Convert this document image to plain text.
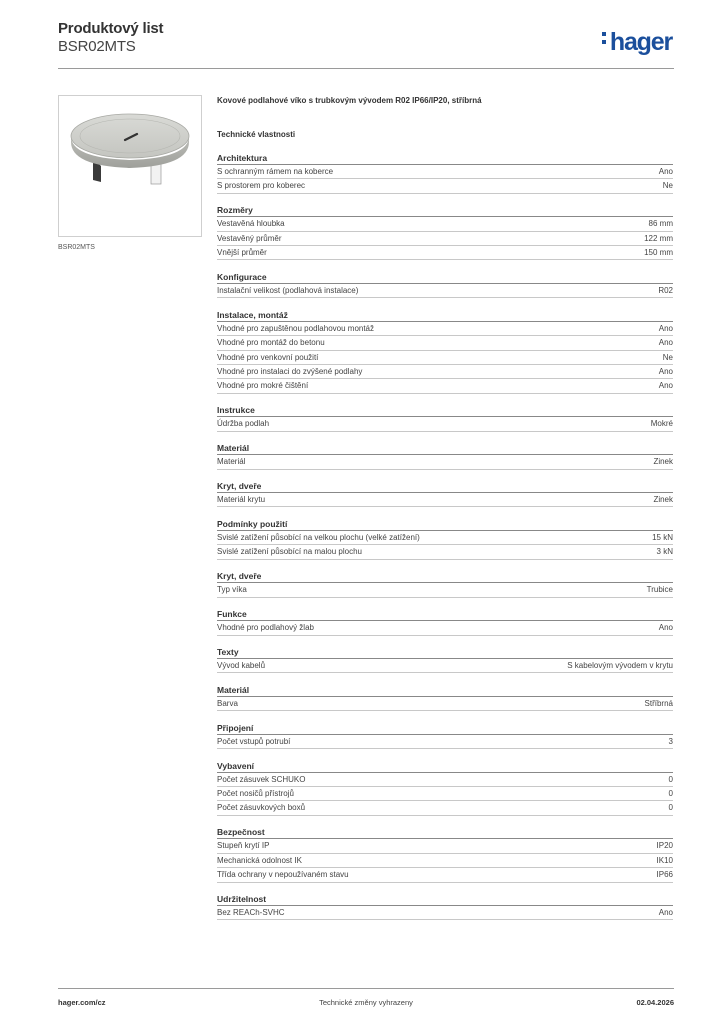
Produktový list
BSR02MTS	hager
BSR02MTS
Kovové podlahové víko s trubkovým vývodem R02 IP66/IP20, stříbrná
Technické vlastnosti
Architektura
S ochranným rámem na koberce	Ano
S prostorem pro koberec	Ne
Rozměry
Vestavěná hloubka	86 mm
Vestavěný průměr	122 mm
Vnější průměr	150 mm
Konfigurace
Instalační velikost (podlahová instalace)	R02
Instalace, montáž
Vhodné pro zapuštěnou podlahovou montáž	Ano
Vhodné pro montáž do betonu	Ano
Vhodné pro venkovní použití	Ne
Vhodné pro instalaci do zvýšené podlahy	Ano
Vhodné pro mokré čištění	Ano
Instrukce
Údržba podlah	Mokré
Materiál
Materiál	Zinek
Kryt, dveře
Materiál krytu	Zinek
Podmínky použití
Svislé zatížení působící na velkou plochu (velké zatížení)	15 kN
Svislé zatížení působící na malou plochu	3 kN
Kryt, dveře
Typ víka	Trubice
Funkce
Vhodné pro podlahový žlab	Ano
Texty
Vývod kabelů	S kabelovým vývodem v krytu
Materiál
Barva	Stříbrná
Připojení
Počet vstupů potrubí	3
Vybavení
Počet zásuvek SCHUKO	0
Počet nosičů přístrojů	0
Počet zásuvkových boxů	0
Bezpečnost
Stupeň krytí IP	IP20
Mechanická odolnost IK	IK10
Třída ochrany v nepoužívaném stavu	IP66
Udržitelnost
Bez REACh-SVHC	Ano
hager.com/cz	Technické změny vyhrazeny	02.04.2026
